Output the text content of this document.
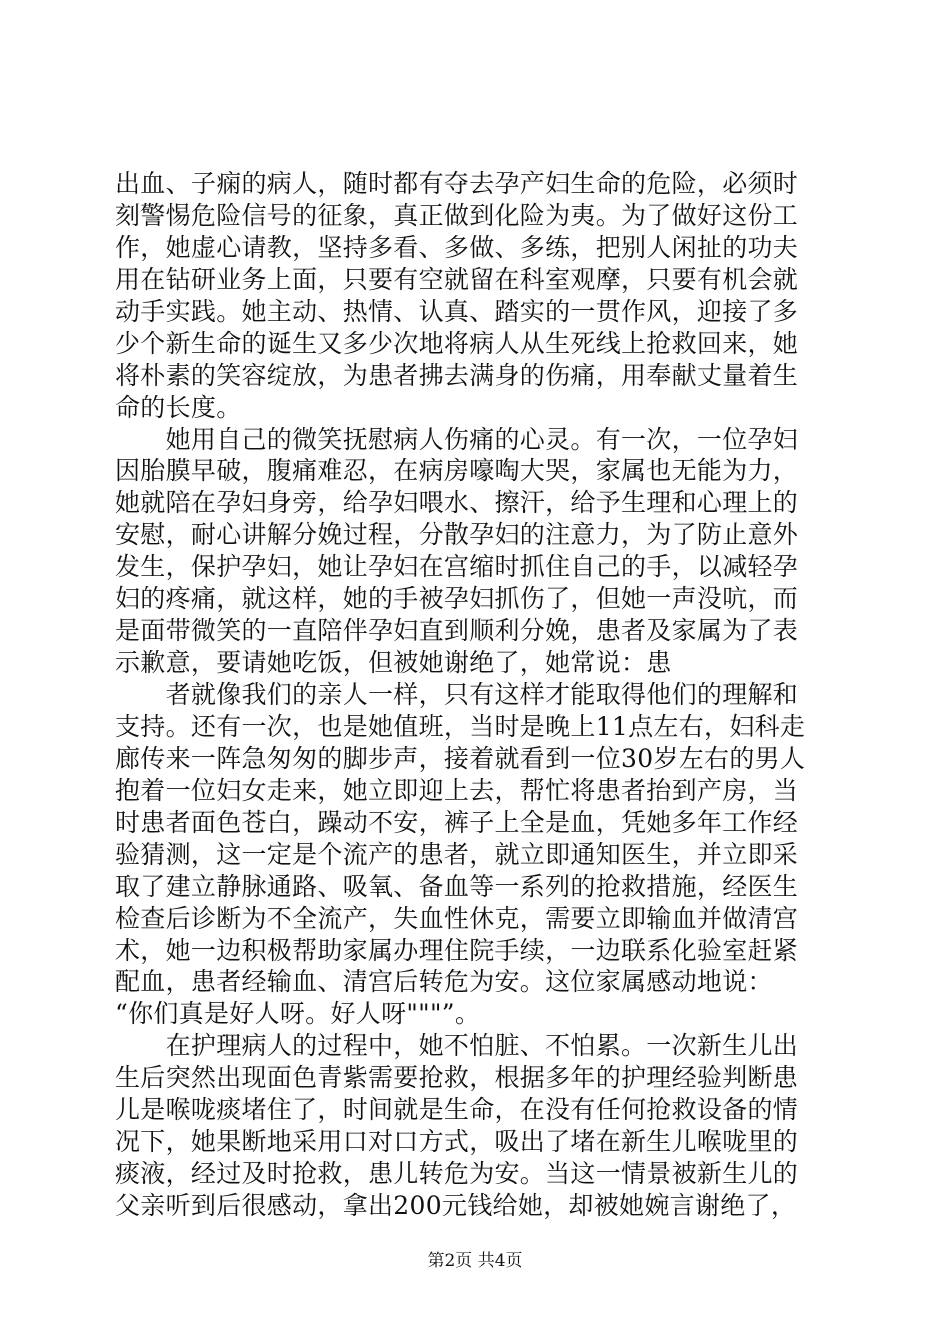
出血、子痫的病人，随时都有夺去孕产妇生命的危险，必须时
刻警惕危险信号的征象，真正做到化险为夷。为了做好这份工
作，她虚心请教，坚持多看、多做、多练，把别人闲扯的功夫
用在钻研业务上面，只要有空就留在科室观摩，只要有机会就
动手实践。她主动、热情、认真、踏实的一贯作风，迎接了多
少个新生命的诞生又多少次地将病人从生死线上抢救回来，她
将朴素的笑容绽放，为患者拂去满身的伤痛，用奉献丈量着生
命的长度。
　　她用自己的微笑抚慰病人伤痛的心灵。有一次，一位孕妇
因胎膜早破，腹痛难忍，在病房嚎啕大哭，家属也无能为力，
她就陪在孕妇身旁，给孕妇喂水、擦汗，给予生理和心理上的
安慰，耐心讲解分娩过程，分散孕妇的注意力，为了防止意外
发生，保护孕妇，她让孕妇在宫缩时抓住自己的手，以减轻孕
妇的疼痛，就这样，她的手被孕妇抓伤了，但她一声没吭，而
是面带微笑的一直陪伴孕妇直到顺利分娩，患者及家属为了表
示歉意，要请她吃饭，但被她谢绝了，她常说：患
　　者就像我们的亲人一样，只有这样才能取得他们的理解和
支持。还有一次，也是她值班，当时是晚上11点左右，妇科走
廊传来一阵急匆匆的脚步声，接着就看到一位30岁左右的男人
抱着一位妇女走来，她立即迎上去，帮忙将患者抬到产房，当
时患者面色苍白，躁动不安，裤子上全是血，凭她多年工作经
验猜测，这一定是个流产的患者，就立即通知医生，并立即采
取了建立静脉通路、吸氧、备血等一系列的抢救措施，经医生
检查后诊断为不全流产，失血性休克，需要立即输血并做清宫
术，她一边积极帮助家属办理住院手续，一边联系化验室赶紧
配血，患者经输血、清宫后转危为安。这位家属感动地说：
“你们真是好人呀。好人呀"""”。
　　在护理病人的过程中，她不怕脏、不怕累。一次新生儿出
生后突然出现面色青紫需要抢救，根据多年的护理经验判断患
儿是喉咙痰堵住了，时间就是生命，在没有任何抢救设备的情
况下，她果断地采用口对口方式，吸出了堵在新生儿喉咙里的
痰液，经过及时抢救，患儿转危为安。当这一情景被新生儿的
父亲听到后很感动，拿出200元钱给她，却被她婉言谢绝了，
第2页 共4页
